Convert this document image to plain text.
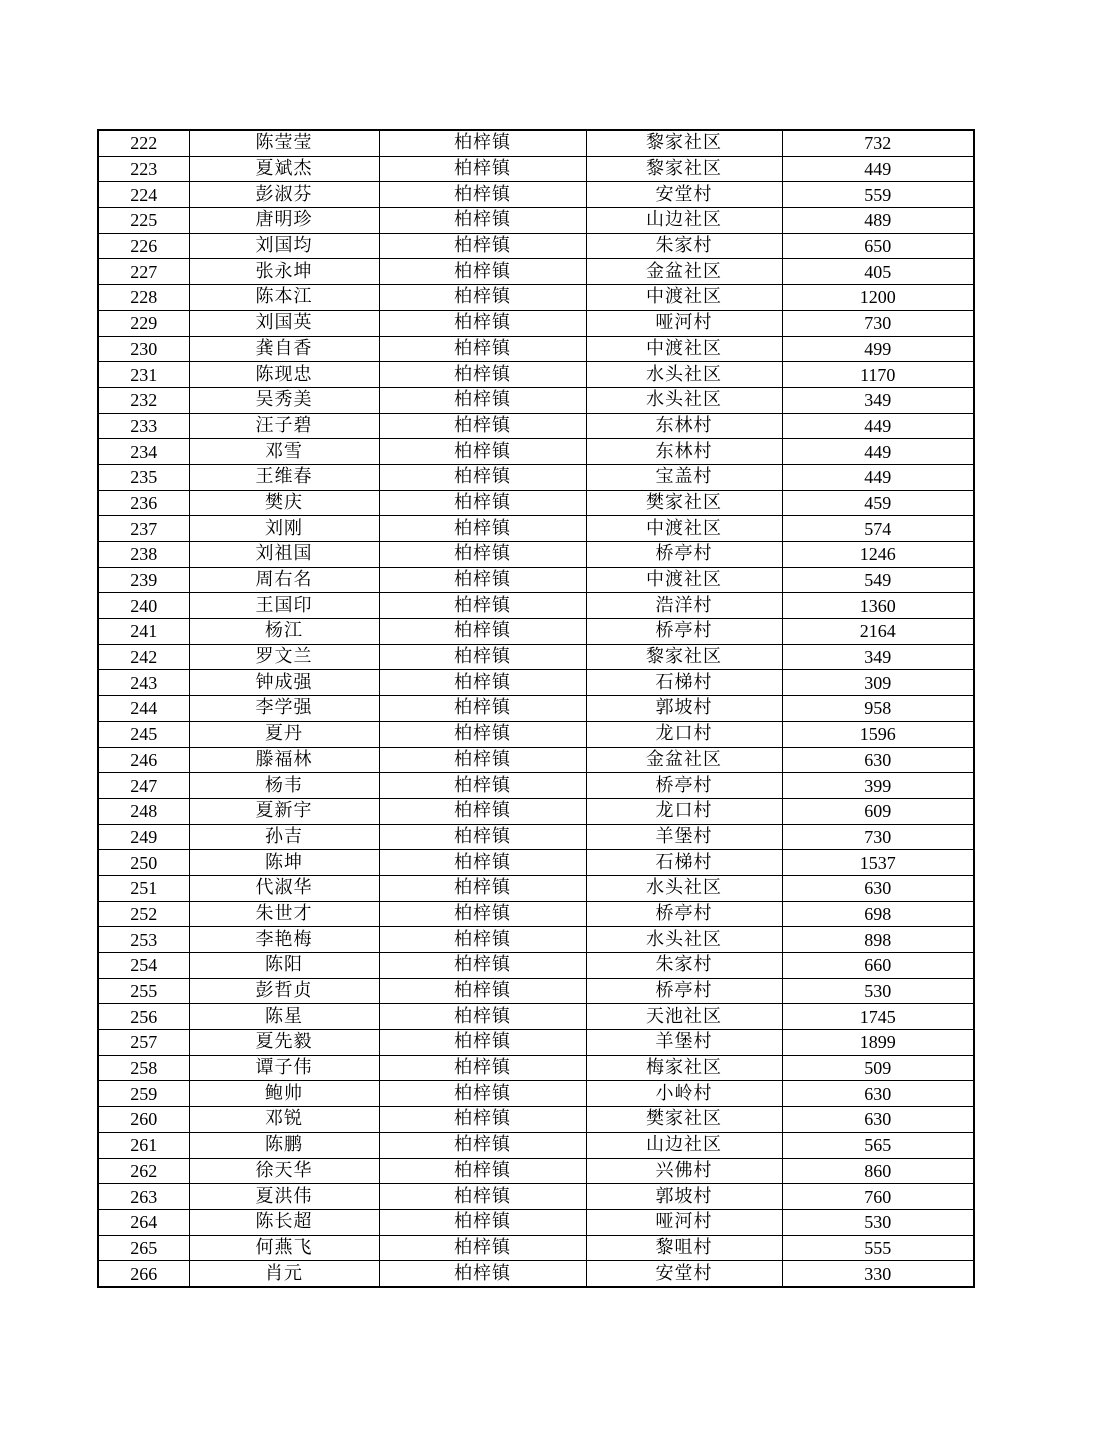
222	陈莹莹	柏梓镇	黎家社区	732
223	夏斌杰	柏梓镇	黎家社区	449
224	彭淑芬	柏梓镇	安堂村	559
225	唐明珍	柏梓镇	山边社区	489
226	刘国均	柏梓镇	朱家村	650
227	张永坤	柏梓镇	金盆社区	405
228	陈本江	柏梓镇	中渡社区	1200
229	刘国英	柏梓镇	哑河村	730
230	龚自香	柏梓镇	中渡社区	499
231	陈现忠	柏梓镇	水头社区	1170
232	吴秀美	柏梓镇	水头社区	349
233	汪子碧	柏梓镇	东林村	449
234	邓雪	柏梓镇	东林村	449
235	王维春	柏梓镇	宝盖村	449
236	樊庆	柏梓镇	樊家社区	459
237	刘刚	柏梓镇	中渡社区	574
238	刘祖国	柏梓镇	桥亭村	1246
239	周右名	柏梓镇	中渡社区	549
240	王国印	柏梓镇	浩洋村	1360
241	杨江	柏梓镇	桥亭村	2164
242	罗文兰	柏梓镇	黎家社区	349
243	钟成强	柏梓镇	石梯村	309
244	李学强	柏梓镇	郭坡村	958
245	夏丹	柏梓镇	龙口村	1596
246	滕福林	柏梓镇	金盆社区	630
247	杨韦	柏梓镇	桥亭村	399
248	夏新宇	柏梓镇	龙口村	609
249	孙吉	柏梓镇	羊堡村	730
250	陈坤	柏梓镇	石梯村	1537
251	代淑华	柏梓镇	水头社区	630
252	朱世才	柏梓镇	桥亭村	698
253	李艳梅	柏梓镇	水头社区	898
254	陈阳	柏梓镇	朱家村	660
255	彭哲贞	柏梓镇	桥亭村	530
256	陈星	柏梓镇	天池社区	1745
257	夏先毅	柏梓镇	羊堡村	1899
258	谭子伟	柏梓镇	梅家社区	509
259	鲍帅	柏梓镇	小岭村	630
260	邓锐	柏梓镇	樊家社区	630
261	陈鹏	柏梓镇	山边社区	565
262	徐天华	柏梓镇	兴佛村	860
263	夏洪伟	柏梓镇	郭坡村	760
264	陈长超	柏梓镇	哑河村	530
265	何燕飞	柏梓镇	黎咀村	555
266	肖元	柏梓镇	安堂村	330
